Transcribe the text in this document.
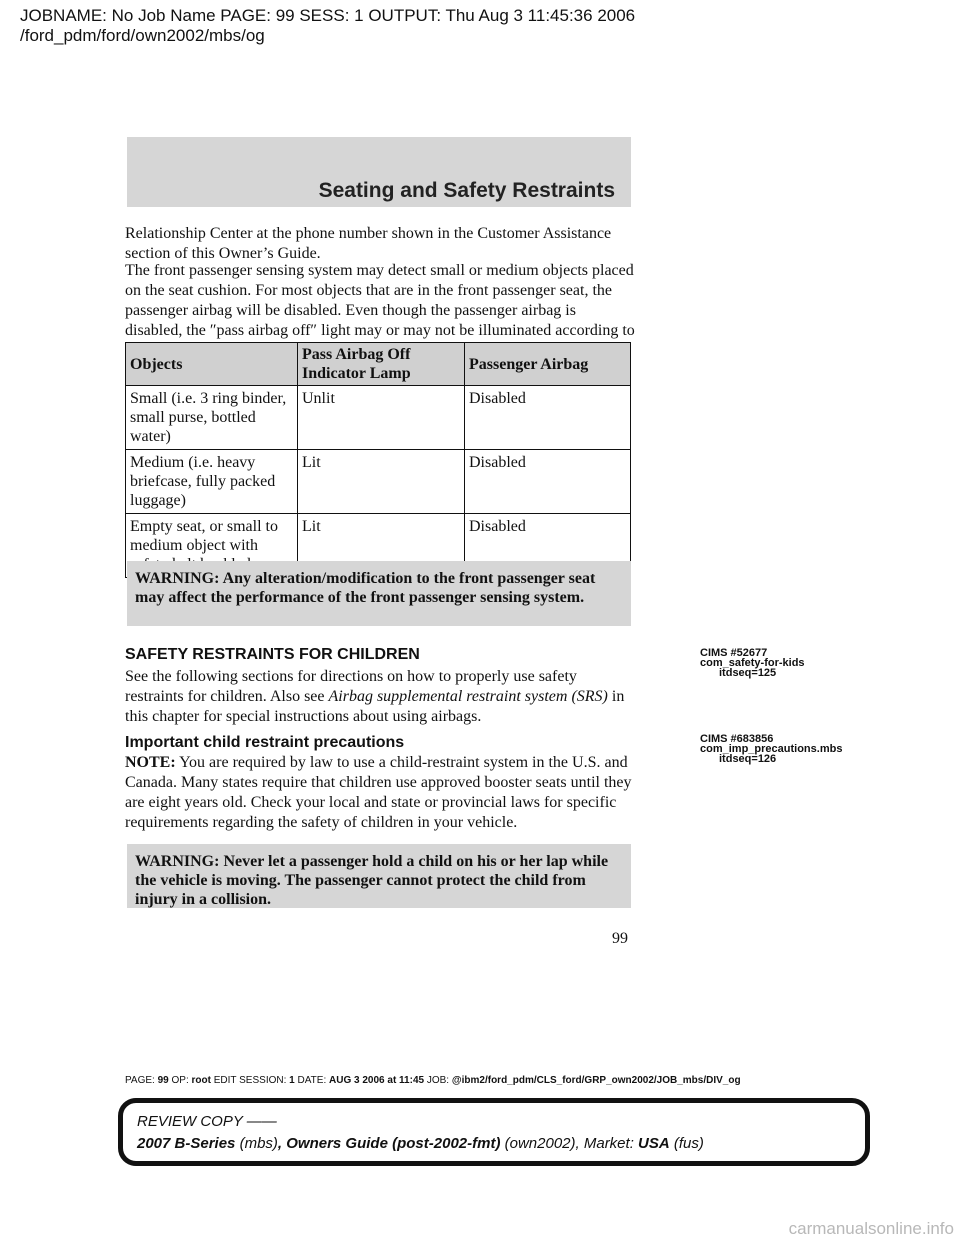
JOBNAME: No Job Name PAGE: 99 SESS: 1 OUTPUT: Thu Aug 3 11:45:36 2006
/ford_pdm/ford/own2002/mbs/og
Seating and Safety Restraints

Relationship Center at the phone number shown in the Customer Assistance section of this Owner’s Guide.

The front passenger sensing system may detect small or medium objects placed on the seat cushion. For most objects that are in the front passenger seat, the passenger airbag will be disabled. Even though the passenger airbag is disabled, the ″pass airbag off″ light may or may not be illuminated according to

Objects	Pass Airbag Off Indicator Lamp	Passenger Airbag
Small (i.e. 3 ring binder, small purse, bottled water)	Unlit	Disabled
Medium (i.e. heavy briefcase, fully packed luggage)	Lit	Disabled
Empty seat, or small to medium object with	Lit	Disabled
WARNING: Any alteration/modification to the front passenger seat may affect the performance of the front passenger sensing system.
SAFETY RESTRAINTS FOR CHILDREN

See the following sections for directions on how to properly use safety restraints for children. Also see Airbag supplemental restraint system (SRS) in this chapter for special instructions about using airbags.

CIMS #52677
com_safety-for-kids
itdseq=125
CIMS #683856
com_imp_precautions.mbs
itdseq=126
Important child restraint precautions

NOTE: You are required by law to use a child-restraint system in the U.S. and Canada. Many states require that children use approved booster seats until they are eight years old. Check your local and state or provincial laws for specific requirements regarding the safety of children in your vehicle.

WARNING: Never let a passenger hold a child on his or her lap while the vehicle is moving. The passenger cannot protect the child from injury in a collision.
99
PAGE: 99 OP: root EDIT SESSION: 1 DATE: AUG 3 2006 at 11:45 JOB: @ibm2/ford_pdm/CLS_ford/GRP_own2002/JOB_mbs/DIV_og
REVIEW COPY ——
2007 B-Series (mbs), Owners Guide (post-2002-fmt) (own2002), Market: USA (fus)
carmanualsonline.info
